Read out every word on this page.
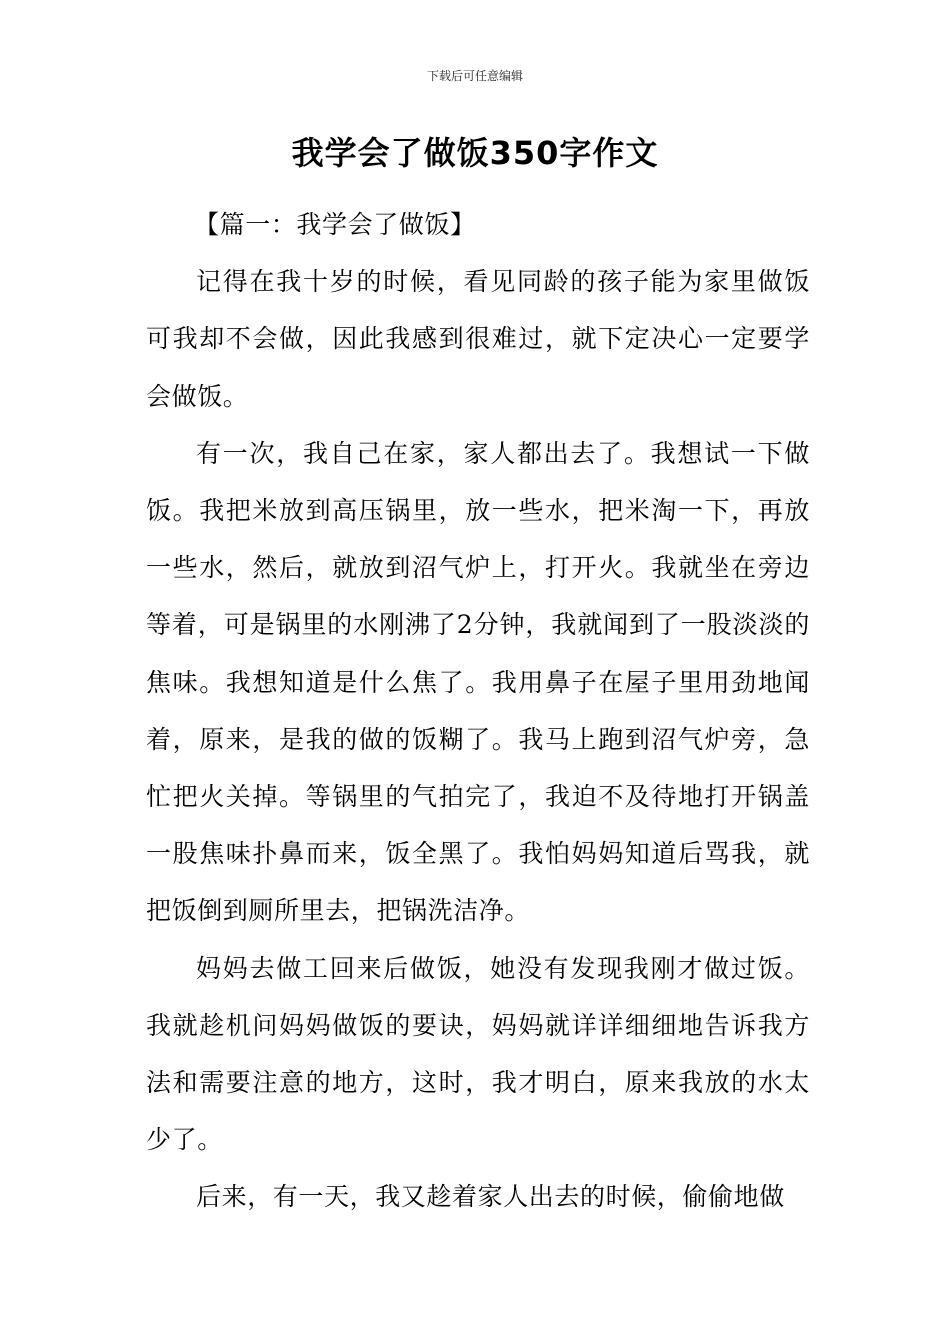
下载后可任意编辑
我学会了做饭350字作文

【篇一：我学会了做饭】

记得在我十岁的时候，看见同龄的孩子能为家里做饭可我却不会做，因此我感到很难过，就下定决心一定要学会做饭。

有一次，我自己在家，家人都出去了。我想试一下做饭。我把米放到高压锅里，放一些水，把米淘一下，再放一些水，然后，就放到沼气炉上，打开火。我就坐在旁边等着，可是锅里的水刚沸了2分钟，我就闻到了一股淡淡的焦味。我想知道是什么焦了。我用鼻子在屋子里用劲地闻着，原来，是我的做的饭糊了。我马上跑到沼气炉旁，急忙把火关掉。等锅里的气拍完了，我迫不及待地打开锅盖一股焦味扑鼻而来，饭全黑了。我怕妈妈知道后骂我，就把饭倒到厕所里去，把锅洗洁净。

妈妈去做工回来后做饭，她没有发现我刚才做过饭。我就趁机问妈妈做饭的要诀，妈妈就详详细细地告诉我方法和需要注意的地方，这时，我才明白，原来我放的水太少了。

后来，有一天，我又趁着家人出去的时候，偷偷地做
